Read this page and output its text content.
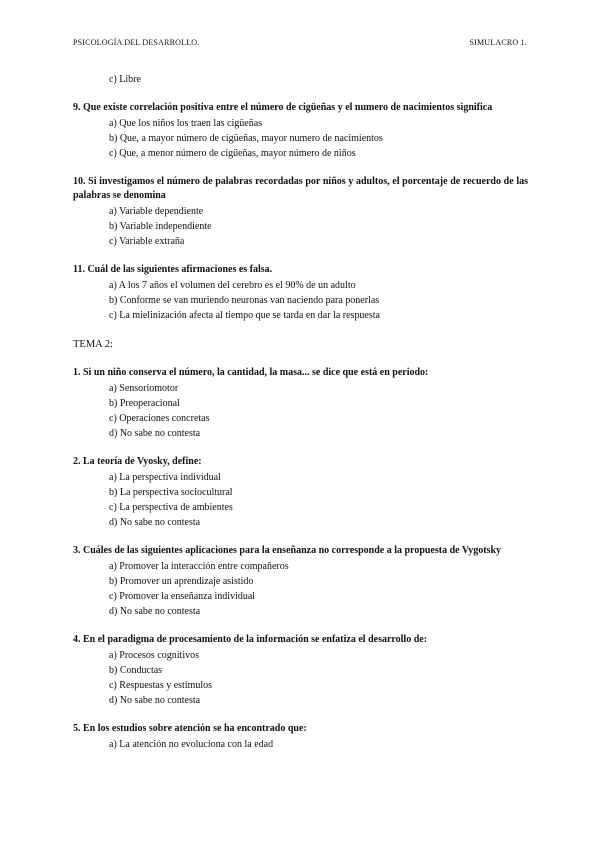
PSICOLOGÍA DEL DESARROLLO.	SIMULACRO 1.
c) Libre
9. Que existe correlación positiva entre el número de cigüeñas y el numero de nacimientos significa
a) Que los niños los traen las cigüeñas
b) Que, a mayor número de cigüeñas, mayor numero de nacimientos
c) Que, a menor número de cigüeñas, mayor número de niños
10. Si investigamos el número de palabras recordadas por niños y adultos, el porcentaje de recuerdo de las palabras se denomina
a) Variable dependiente
b) Variable independiente
c) Variable extraña
11. Cuál de las siguientes afirmaciones es falsa.
a) A los 7 años el volumen del cerebro es el 90% de un adulto
b) Conforme se van muriendo neuronas van naciendo para ponerlas
c) La mielinización afecta al tiempo que se tarda en dar la respuesta
TEMA 2:
1. Si un niño conserva el número, la cantidad, la masa... se dice que está en periodo:
a) Sensoriomotor
b) Preoperacional
c) Operaciones concretas
d) No sabe no contesta
2. La teoría de Vyosky, define:
a) La perspectiva individual
b) La perspectiva sociocultural
c) La perspectiva de ambientes
d) No sabe no contesta
3. Cuáles de las siguientes aplicaciones para la enseñanza no corresponde a la propuesta de Vygotsky
a) Promover la interacción entre compañeros
b) Promover un aprendizaje asistido
c) Promover la enseñanza individual
d) No sabe no contesta
4. En el paradigma de procesamiento de la información se enfatiza el desarrollo de:
a) Procesos cognitivos
b) Conductas
c) Respuestas y estímulos
d) No sabe no contesta
5. En los estudios sobre atención se ha encontrado que:
a) La atención no evoluciona con la edad
